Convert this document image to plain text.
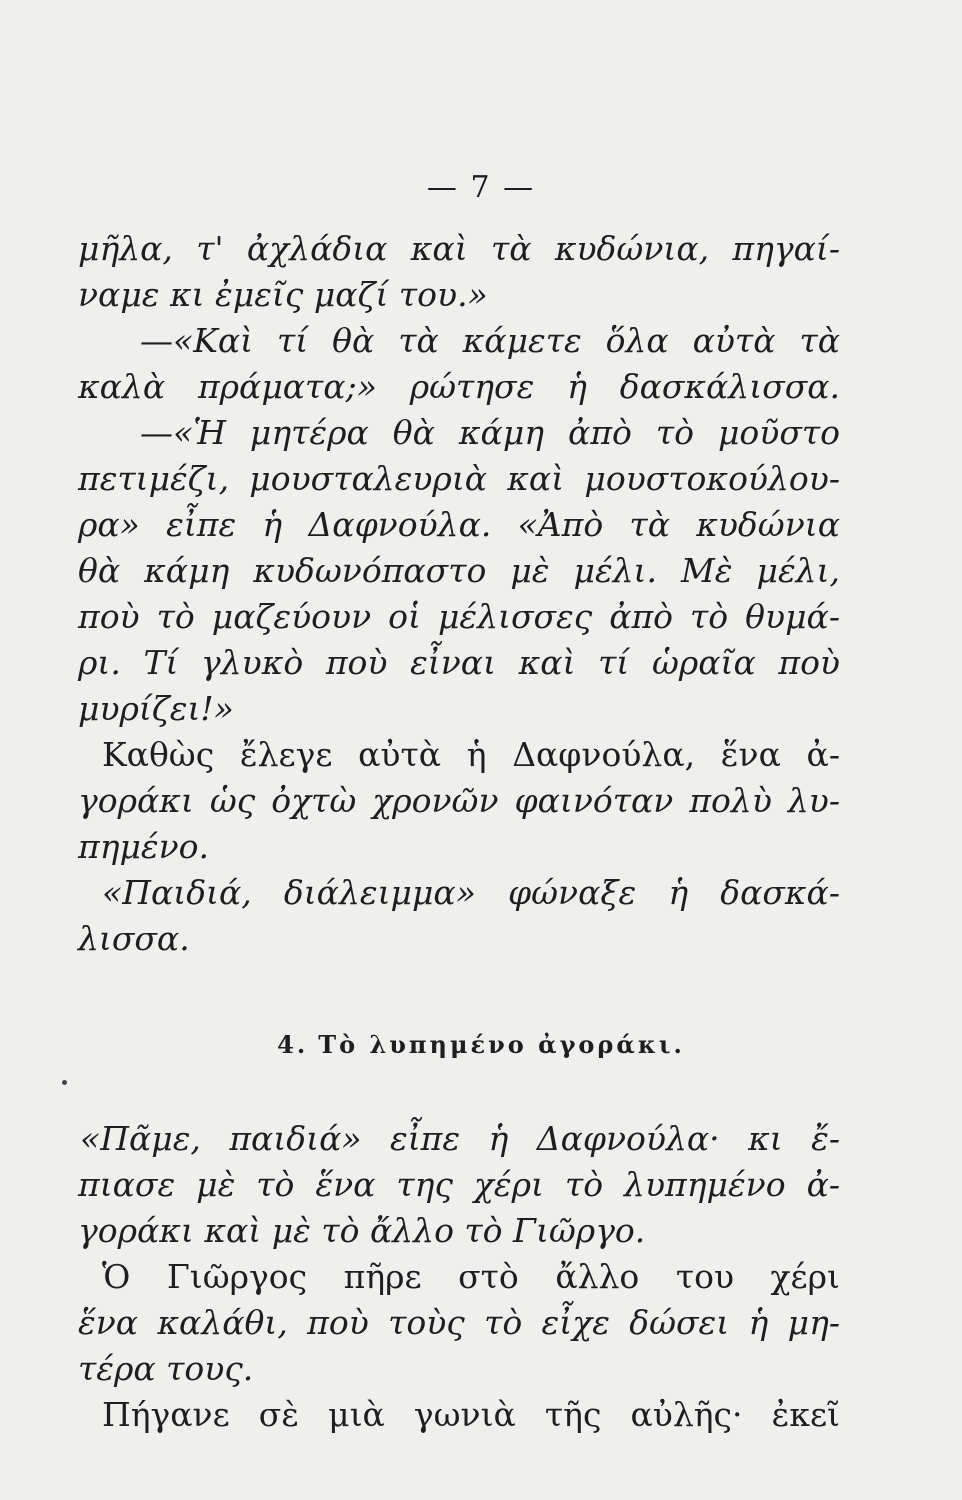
— 7 —
μῆλα, τ' ἀχλάδια καὶ τὰ κυδώνια, πηγαί-
ναμε κι ἐμεῖς μαζί του.»
—«Καὶ τί θὰ τὰ κάμετε ὅλα αὐτὰ τὰ
καλὰ πράματα;» ρώτησε ἡ δασκάλισσα.
—«Ἡ μητέρα θὰ κάμη ἀπὸ τὸ μοῦστο
πετιμέζι, μουσταλευριὰ καὶ μουστοκούλου-
ρα» εἶπε ἡ Δαφνούλα. «Ἀπὸ τὰ κυδώνια
θὰ κάμη κυδωνόπαστο μὲ μέλι. Μὲ μέλι,
ποὺ τὸ μαζεύουν οἱ μέλισσες ἀπὸ τὸ θυμά-
ρι. Τί γλυκὸ ποὺ εἶναι καὶ τί ὡραῖα ποὺ
μυρίζει!»
Καθὼς ἔλεγε αὐτὰ ἡ Δαφνούλα, ἕνα ἀ-
γοράκι ὡς ὀχτὼ χρονῶν φαινόταν πολὺ λυ-
πημένο.
«Παιδιά, διάλειμμα» φώναξε ἡ δασκά-
λισσα.
4. Τὸ λυπημένο ἀγοράκι.
«Πᾶμε, παιδιά» εἶπε ἡ Δαφνούλα· κι ἔ-
πιασε μὲ τὸ ἕνα της χέρι τὸ λυπημένο ἀ-
γοράκι καὶ μὲ τὸ ἄλλο τὸ Γιῶργο.
Ὁ Γιῶργος πῆρε στὸ ἄλλο του χέρι
ἕνα καλάθι, ποὺ τοὺς τὸ εἶχε δώσει ἡ μη-
τέρα τους.
Πήγανε σὲ μιὰ γωνιὰ τῆς αὐλῆς· ἐκεῖ
